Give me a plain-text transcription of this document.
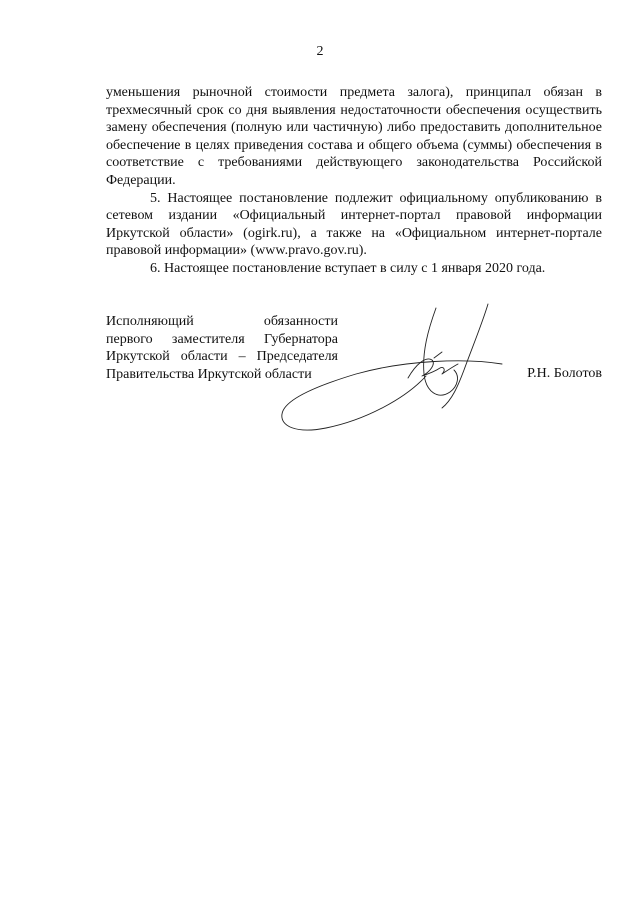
2

уменьшения рыночной стоимости предмета залога), принципал обязан в трехмесячный срок со дня выявления недостаточности обеспечения осуществить замену обеспечения (полную или частичную) либо предоставить дополнительное обеспечение в целях приведения состава и общего объема (суммы) обеспечения в соответствие с требованиями действующего законодательства Российской Федерации.

5. Настоящее постановление подлежит официальному опубликованию в сетевом издании «Официальный интернет-портал правовой информации Иркутской области» (ogirk.ru), а также на «Официальном интернет-портале правовой информации» (www.pravo.gov.ru).

6. Настоящее постановление вступает в силу с 1 января 2020 года.

Исполняющий обязанности
первого заместителя Губернатора
Иркутской области – Председателя
Правительства Иркутской области	Р.Н. Болотов
